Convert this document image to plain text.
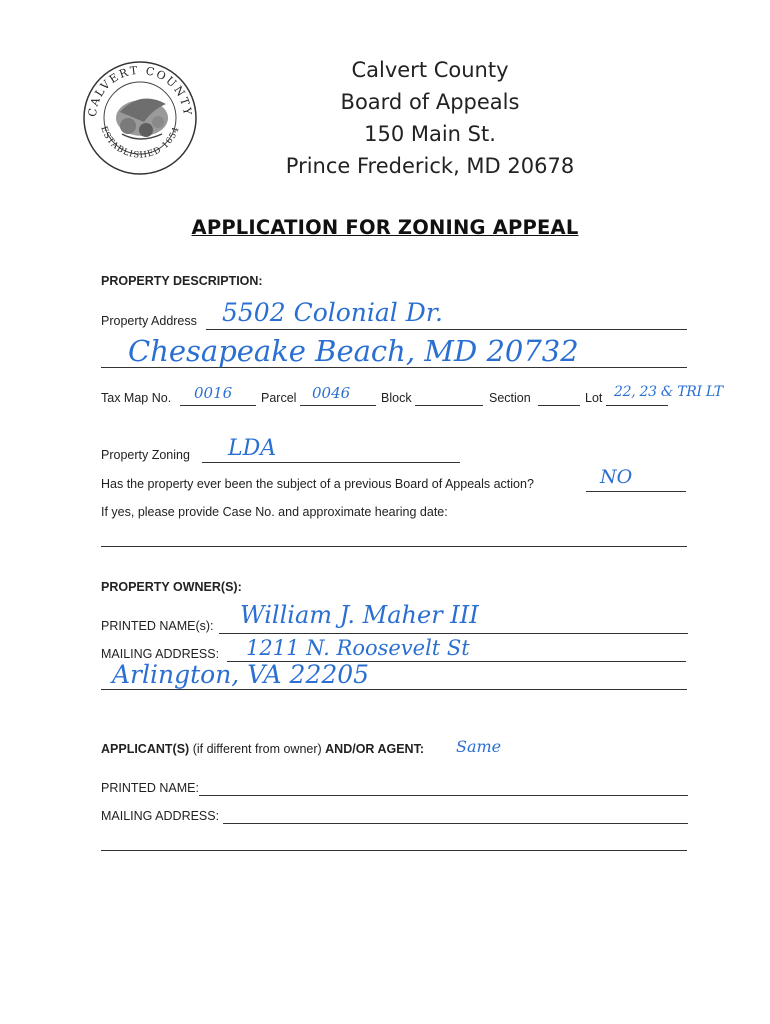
CALVERT COUNTY
ESTABLISHED 1654
Calvert County
Board of Appeals
150 Main St.
Prince Frederick, MD 20678
APPLICATION FOR ZONING APPEAL
PROPERTY DESCRIPTION:
Property Address 5502 Colonial Dr.
Chesapeake Beach, MD 20732
Tax Map No. 0016 Parcel 0046 Block	Section	Lot 22, 23 & TRI LT
Property Zoning LDA
Has the property ever been the subject of a previous Board of Appeals action?	NO
If yes, please provide Case No. and approximate hearing date:
PROPERTY OWNER(S):
PRINTED NAME(s): William J. Maher III
MAILING ADDRESS: 1211 N. Roosevelt St
Arlington, VA 22205
APPLICANT(S) (if different from owner) AND/OR AGENT: Same
PRINTED NAME:
MAILING ADDRESS:
